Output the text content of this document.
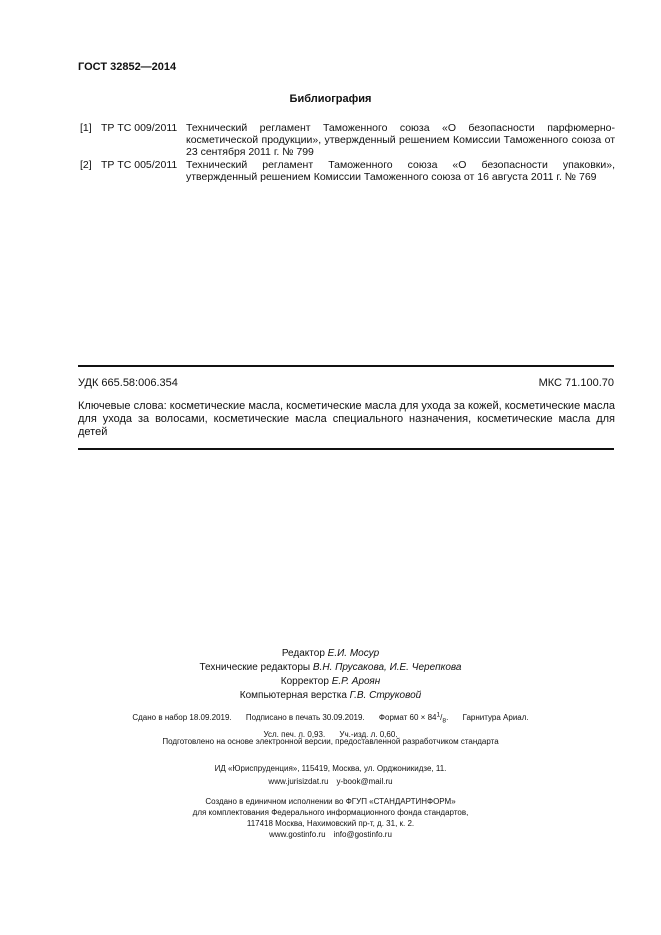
ГОСТ 32852—2014
Библиография
[1] ТР ТС 009/2011 Технический регламент Таможенного союза «О безопасности парфюмерно-косметической продукции», утвержденный решением Комиссии Таможенного союза от 23 сентября 2011 г. № 799
[2] ТР ТС 005/2011 Технический регламент Таможенного союза «О безопасности упаковки», утвержденный решением Комиссии Таможенного союза от 16 августа 2011 г. № 769
УДК 665.58:006.354	МКС 71.100.70
Ключевые слова: косметические масла, косметические масла для ухода за кожей, косметические масла для ухода за волосами, косметические масла специального назначения, косметические масла для детей
Редактор Е.И. Мосур
Технические редакторы В.Н. Прусакова, И.Е. Черепкова
Корректор Е.Р. Ароян
Компьютерная верстка Г.В. Струковой
Сдано в набор 18.09.2019. Подписано в печать 30.09.2019. Формат $60 \times 84^1/_8$. Гарнитура Ариал.
Усл. печ. л. 0,93. Уч.-изд. л. 0,60.
Подготовлено на основе электронной версии, предоставленной разработчиком стандарта
ИД «Юриспруденция», 115419, Москва, ул. Орджоникидзе, 11.
www.jurisizdat.ru y-book@mail.ru
Создано в единичном исполнении во ФГУП «СТАНДАРТИНФОРМ»
для комплектования Федерального информационного фонда стандартов,
117418 Москва, Нахимовский пр-т, д. 31, к. 2.
www.gostinfo.ru info@gostinfo.ru
